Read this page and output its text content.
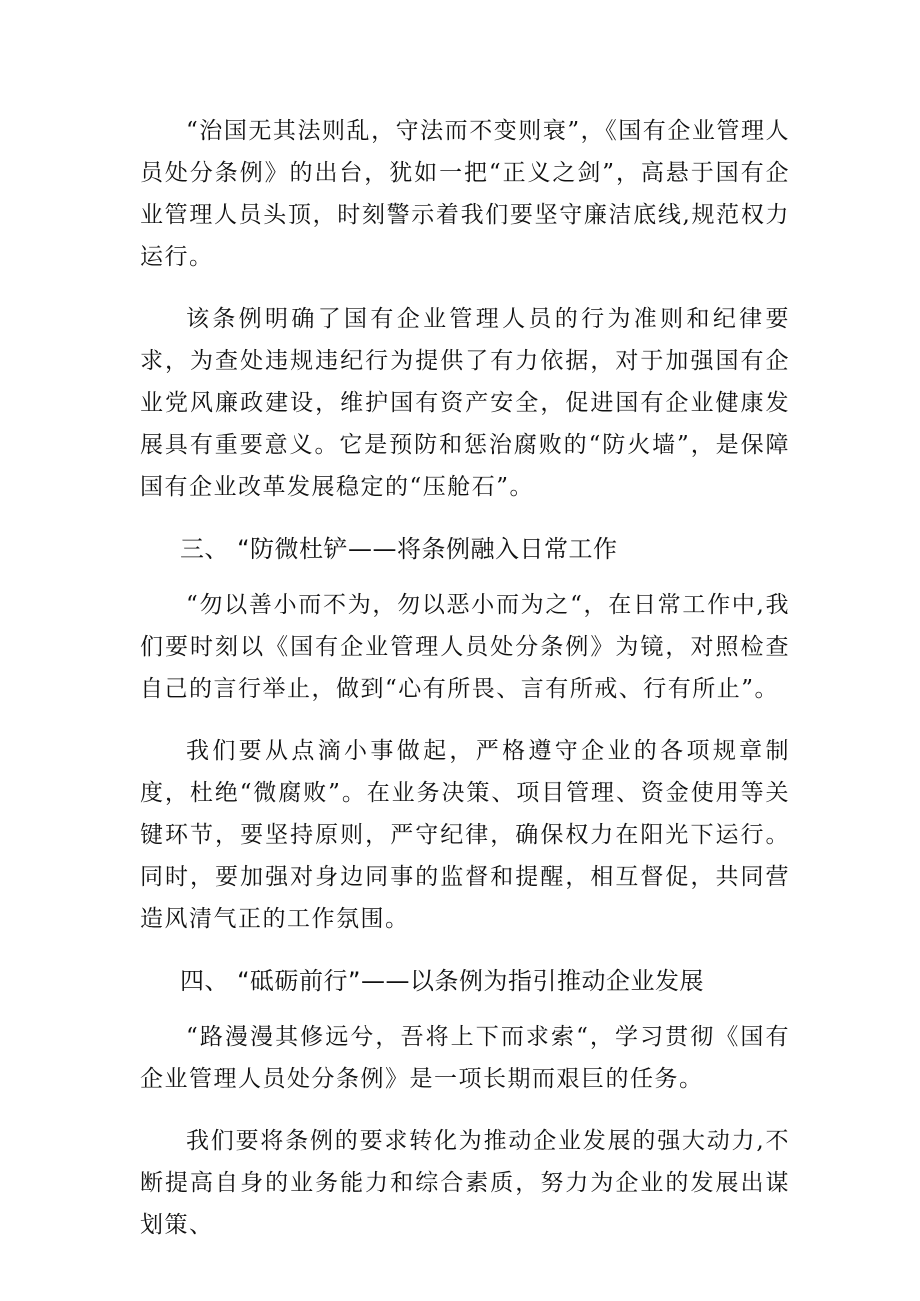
“治国无其法则乱，守法而不变则衰”，《国有企业管理人员处分条例》的出台，犹如一把“正义之剑”，高悬于国有企业管理人员头顶，时刻警示着我们要坚守廉洁底线,规范权力运行。

该条例明确了国有企业管理人员的行为准则和纪律要求，为查处违规违纪行为提供了有力依据，对于加强国有企业党风廉政建设，维护国有资产安全，促进国有企业健康发展具有重要意义。它是预防和惩治腐败的“防火墙”，是保障国有企业改革发展稳定的“压舱石”。

三、 “防微杜铲——将条例融入日常工作

“勿以善小而不为，勿以恶小而为之“，在日常工作中,我们要时刻以《国有企业管理人员处分条例》为镜，对照检查自己的言行举止，做到“心有所畏、言有所戒、行有所止”。

我们要从点滴小事做起，严格遵守企业的各项规章制度，杜绝“微腐败”。在业务决策、项目管理、资金使用等关键环节，要坚持原则，严守纪律，确保权力在阳光下运行。同时，要加强对身边同事的监督和提醒，相互督促，共同营造风清气正的工作氛围。

四、 “砥砺前行”——以条例为指引推动企业发展

“路漫漫其修远兮，吾将上下而求索“，学习贯彻《国有企业管理人员处分条例》是一项长期而艰巨的任务。

我们要将条例的要求转化为推动企业发展的强大动力,不断提高自身的业务能力和综合素质，努力为企业的发展出谋划策、
